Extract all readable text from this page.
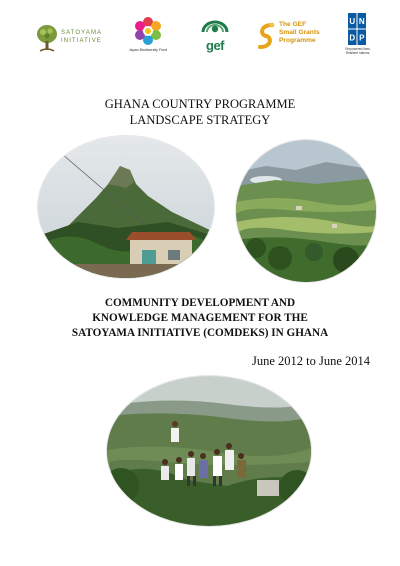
SATOYAMA
INITIATIVE
Japan Biodiversity Fund	gef
The GEF
Small Grants
Programme
U N
D P
Empowered lives.
Resilient nations.
GHANA COUNTRY PROGRAMME
LANDSCAPE STRATEGY
COMMUNITY DEVELOPMENT AND
KNOWLEDGE MANAGEMENT FOR THE
SATOYAMA INITIATIVE (COMDEKS) IN GHANA
June 2012 to June 2014
